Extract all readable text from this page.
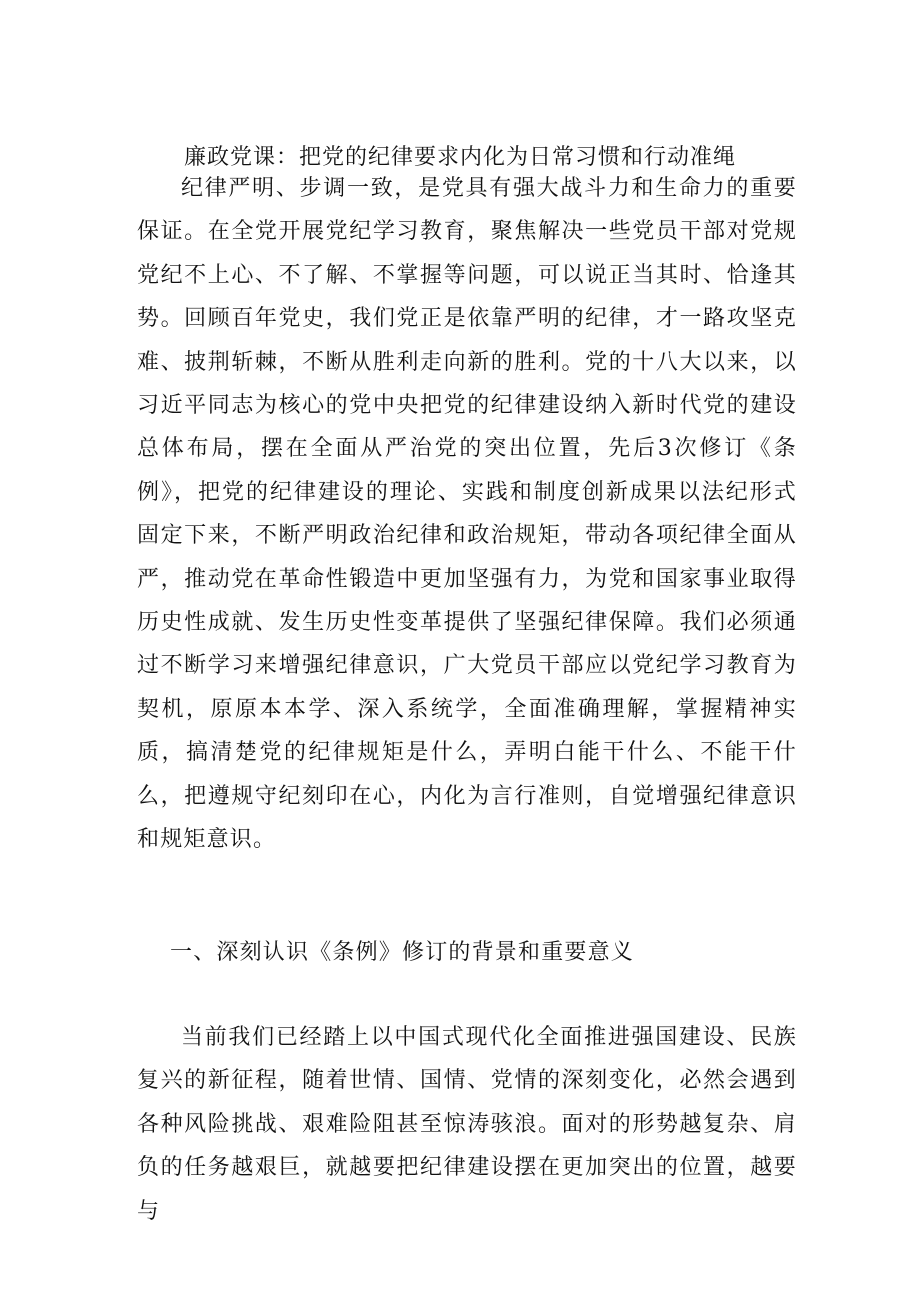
廉政党课：把党的纪律要求内化为日常习惯和行动准绳

纪律严明、步调一致，是党具有强大战斗力和生命力的重要保证。在全党开展党纪学习教育，聚焦解决一些党员干部对党规党纪不上心、不了解、不掌握等问题，可以说正当其时、恰逢其势。回顾百年党史，我们党正是依靠严明的纪律，才一路攻坚克难、披荆斩棘，不断从胜利走向新的胜利。党的十八大以来，以习近平同志为核心的党中央把党的纪律建设纳入新时代党的建设总体布局，摆在全面从严治党的突出位置，先后3次修订《条例》，把党的纪律建设的理论、实践和制度创新成果以法纪形式固定下来，不断严明政治纪律和政治规矩，带动各项纪律全面从严，推动党在革命性锻造中更加坚强有力，为党和国家事业取得历史性成就、发生历史性变革提供了坚强纪律保障。我们必须通过不断学习来增强纪律意识，广大党员干部应以党纪学习教育为契机，原原本本学、深入系统学，全面准确理解，掌握精神实质，搞清楚党的纪律规矩是什么，弄明白能干什么、不能干什么，把遵规守纪刻印在心，内化为言行准则，自觉增强纪律意识和规矩意识。

一、深刻认识《条例》修订的背景和重要意义

当前我们已经踏上以中国式现代化全面推进强国建设、民族复兴的新征程，随着世情、国情、党情的深刻变化，必然会遇到各种风险挑战、艰难险阻甚至惊涛骇浪。面对的形势越复杂、肩负的任务越艰巨，就越要把纪律建设摆在更加突出的位置，越要与
